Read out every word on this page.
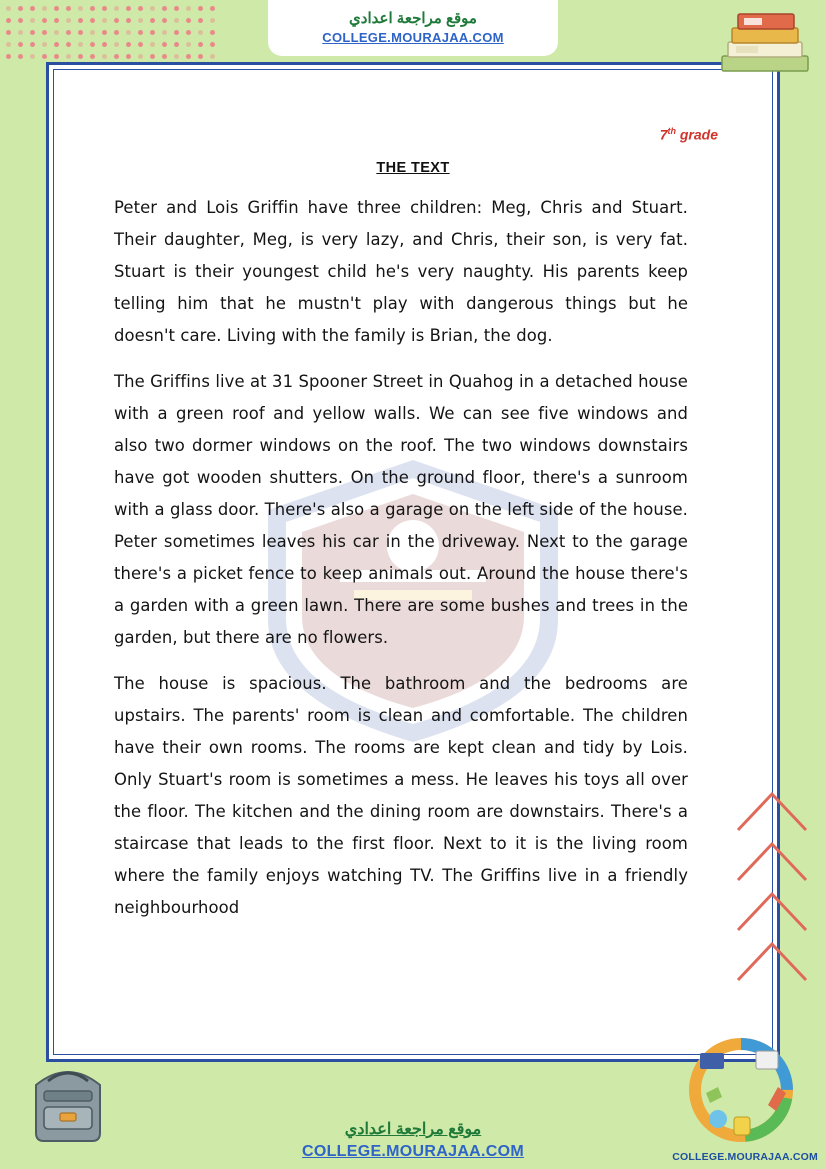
7th grade
THE TEXT

Peter and Lois Griffin have three children: Meg, Chris and Stuart. Their daughter, Meg, is very lazy, and Chris, their son, is very fat. Stuart is their youngest child he's very naughty. His parents keep telling him that he mustn't play with dangerous things but he doesn't care. Living with the family is Brian, the dog.

The Griffins live at 31 Spooner Street in Quahog in a detached house with a green roof and yellow walls. We can see five windows and also two dormer windows on the roof. The two windows downstairs have got wooden shutters. On the ground floor, there's a sunroom with a glass door. There's also a garage on the left side of the house. Peter sometimes leaves his car in the driveway. Next to the garage there's a picket fence to keep animals out. Around the house there's a garden with a green lawn. There are some bushes and trees in the garden, but there are no flowers.

The house is spacious. The bathroom and the bedrooms are upstairs. The parents' room is clean and comfortable. The children have their own rooms. The rooms are kept clean and tidy by Lois. Only Stuart's room is sometimes a mess. He leaves his toys all over the floor. The kitchen and the dining room are downstairs. There's a staircase that leads to the first floor. Next to it is the living room where the family enjoys watching TV. The Griffins live in a friendly neighbourhood

موقع مراجعة اعدادي
COLLEGE.MOURAJAA.COM
موقع مراجعة اعدادي
COLLEGE.MOURAJAA.COM	COLLEGE.MOURAJAA.COM
